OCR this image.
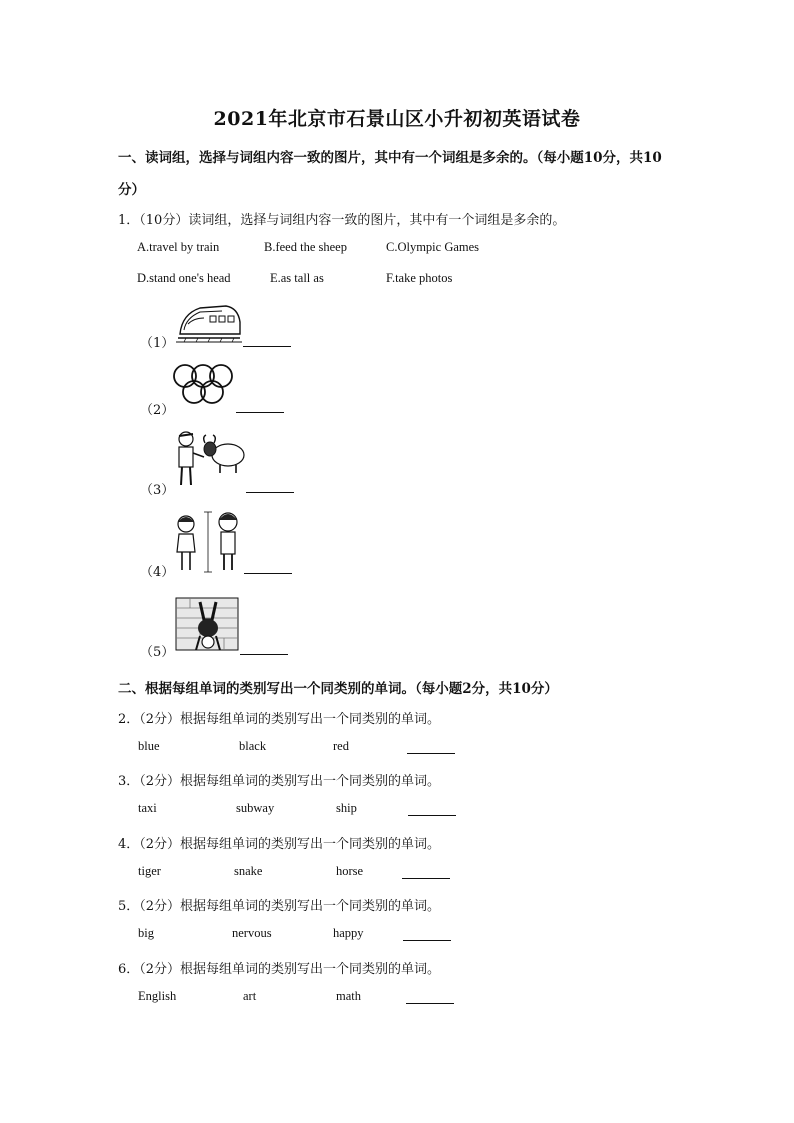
2021年北京市石景山区小升初初英语试卷
一、读词组，选择与词组内容一致的图片，其中有一个词组是多余的。（每小题10分，共10
分）
1．（10分）读词组，选择与词组内容一致的图片，其中有一个词组是多余的。
A.travel by train	B.feed the sheep	C.Olympic Games
D.stand one's head	E.as tall as	F.take photos
（1）
（2）
（3）
（4）
（5）
二、根据每组单词的类别写出一个同类别的单词。（每小题2分，共10分）
2．（2分）根据每组单词的类别写出一个同类别的单词。
blue	black	red
3．（2分）根据每组单词的类别写出一个同类别的单词。
taxi	subway	ship
4．（2分）根据每组单词的类别写出一个同类别的单词。
tiger	snake	horse
5．（2分）根据每组单词的类别写出一个同类别的单词。
big	nervous	happy
6．（2分）根据每组单词的类别写出一个同类别的单词。
English	art	math
